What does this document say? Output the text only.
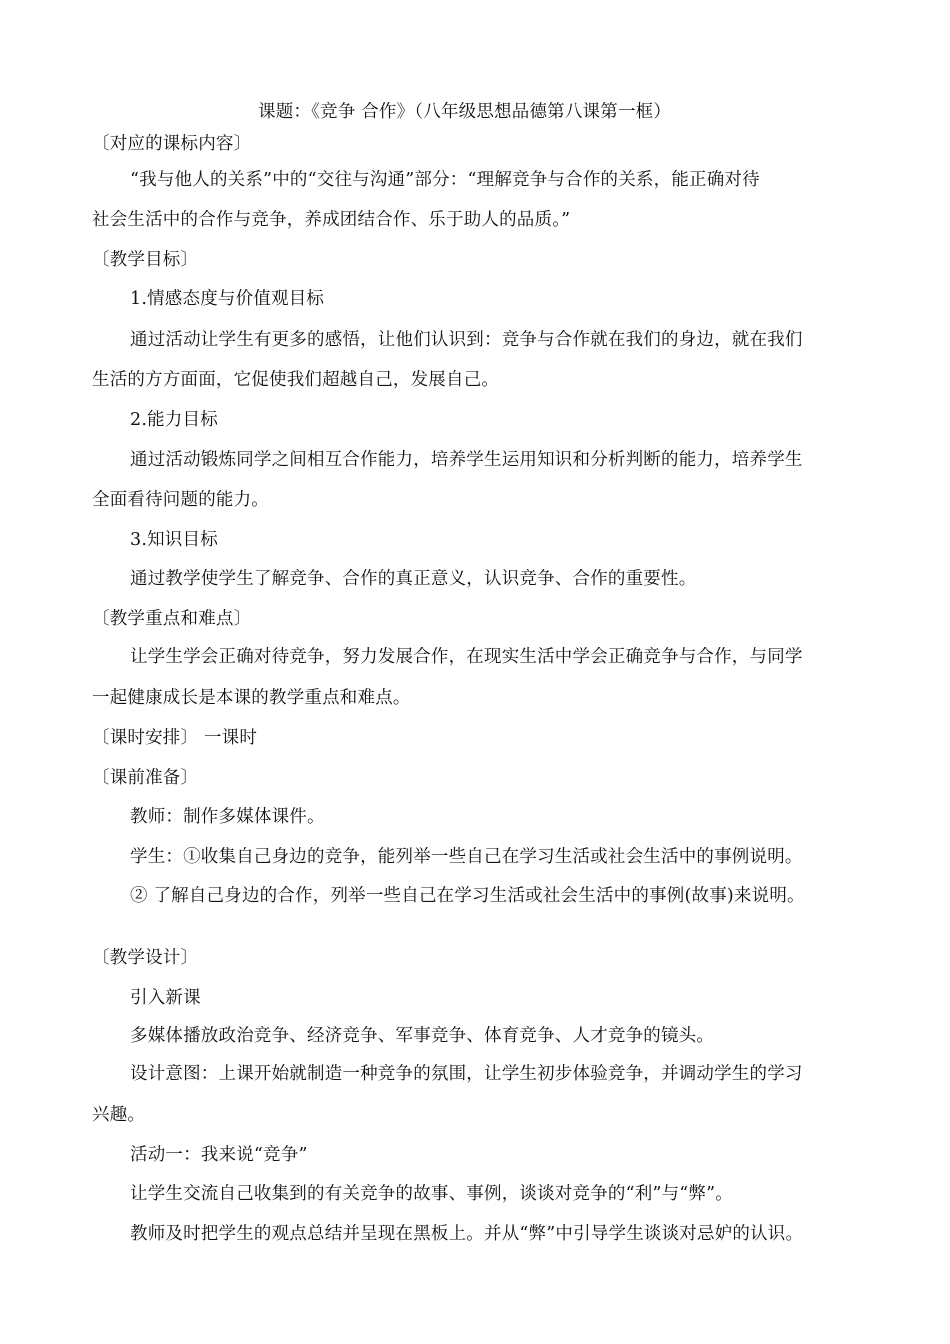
课题：《竞争 合作》（八年级思想品德第八课第一框）
〔对应的课标内容〕
“我与他人的关系”中的“交往与沟通”部分：“理解竞争与合作的关系，能正确对待
社会生活中的合作与竞争，养成团结合作、乐于助人的品质。”
〔教学目标〕
1.情感态度与价值观目标
通过活动让学生有更多的感悟，让他们认识到：竞争与合作就在我们的身边，就在我们
生活的方方面面，它促使我们超越自己，发展自己。
2.能力目标
通过活动锻炼同学之间相互合作能力，培养学生运用知识和分析判断的能力，培养学生
全面看待问题的能力。
3.知识目标
通过教学使学生了解竞争、合作的真正意义，认识竞争、合作的重要性。
〔教学重点和难点〕
让学生学会正确对待竞争，努力发展合作，在现实生活中学会正确竞争与合作，与同学
一起健康成长是本课的教学重点和难点。
〔课时安排〕 一课时
〔课前准备〕
教师：制作多媒体课件。
学生：①收集自己身边的竞争，能列举一些自己在学习生活或社会生活中的事例说明。
② 了解自己身边的合作，列举一些自己在学习生活或社会生活中的事例(故事)来说明。
〔教学设计〕
引入新课
多媒体播放政治竞争、经济竞争、军事竞争、体育竞争、人才竞争的镜头。
设计意图：上课开始就制造一种竞争的氛围，让学生初步体验竞争，并调动学生的学习
兴趣。
活动一：我来说“竞争”
让学生交流自己收集到的有关竞争的故事、事例，谈谈对竞争的“利”与“弊”。
教师及时把学生的观点总结并呈现在黑板上。并从“弊”中引导学生谈谈对忌妒的认识。
